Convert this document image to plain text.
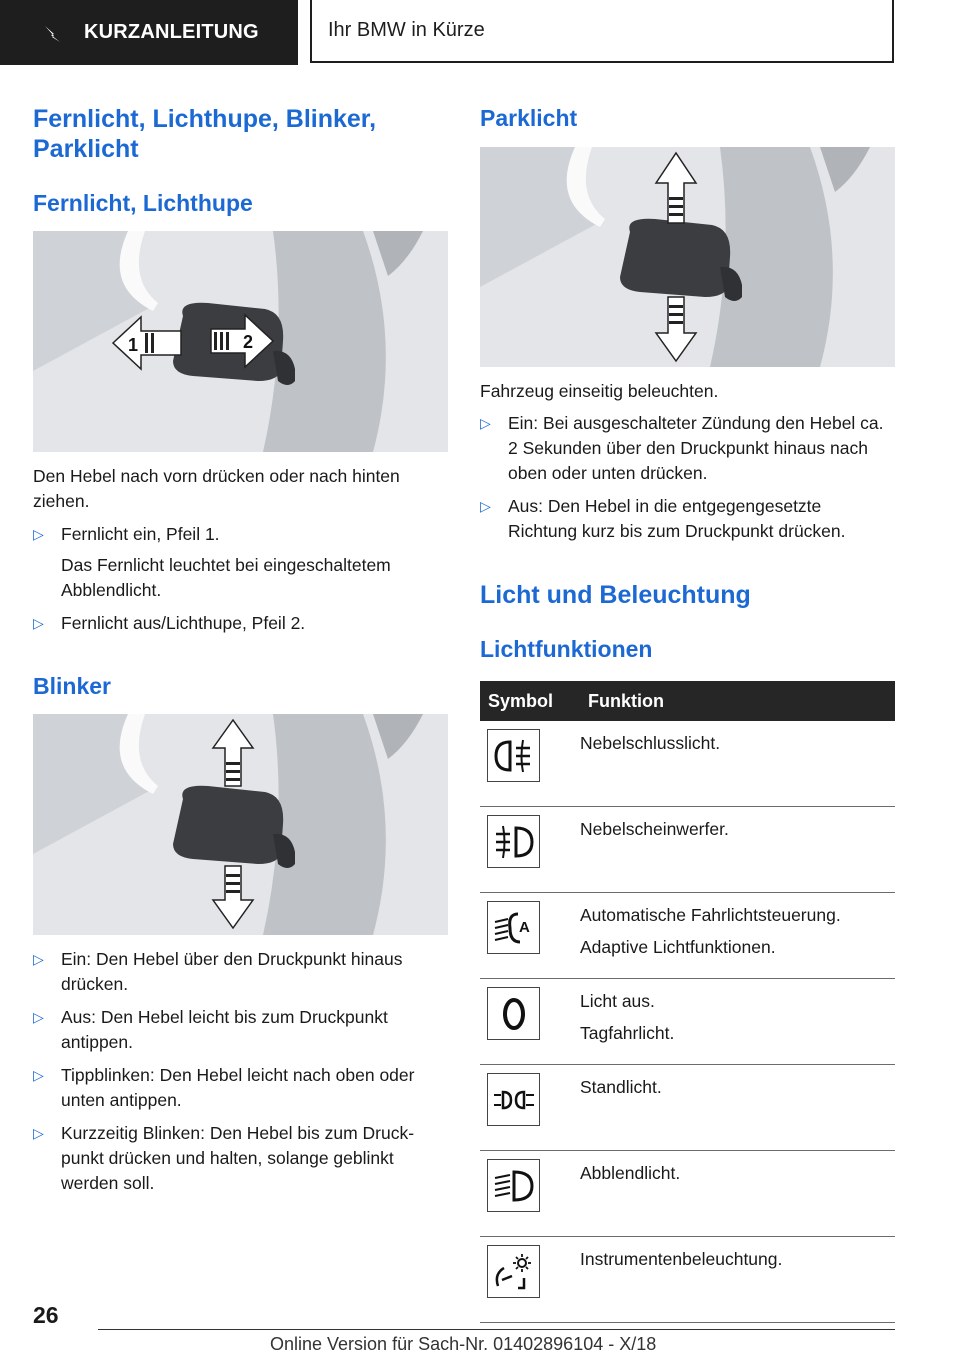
KURZANLEITUNG	Ihr BMW in Kürze
Fernlicht, Lichthupe, Blinker, Parklicht
Fernlicht, Lichthupe
1	2

Den Hebel nach vorn drücken oder nach hinten ziehen.

▷ Fernlicht ein, Pfeil 1.
Das Fernlicht leuchtet bei eingeschaltetem Abblendlicht.
▷ Fernlicht aus/Lichthupe, Pfeil 2.
Blinker
▷ Ein: Den Hebel über den Druckpunkt hinaus drücken.
▷ Aus: Den Hebel leicht bis zum Druckpunkt antippen.
▷ Tippblinken: Den Hebel leicht nach oben oder unten antippen.
▷ Kurzzeitig Blinken: Den Hebel bis zum Druck-punkt drücken und halten, solange geblinkt werden soll.
Parklicht

Fahrzeug einseitig beleuchten.

▷ Ein: Bei ausgeschalteter Zündung den Hebel ca. 2 Sekunden über den Druckpunkt hinaus nach oben oder unten drücken.
▷ Aus: Den Hebel in die entgegengesetzte Richtung kurz bis zum Druckpunkt drücken.
Licht und Beleuchtung
Lichtfunktionen
Symbol	Funktion

Nebelschlusslicht.

Nebelscheinwerfer.

A	Automatische Fahrlichtsteuerung.
Adaptive Lichtfunktionen.

Licht aus.
Tagfahrlicht.

Standlicht.

Abblendlicht.

Instrumentenbeleuchtung.
26
Online Version für Sach-Nr. 01402896104 - X/18
